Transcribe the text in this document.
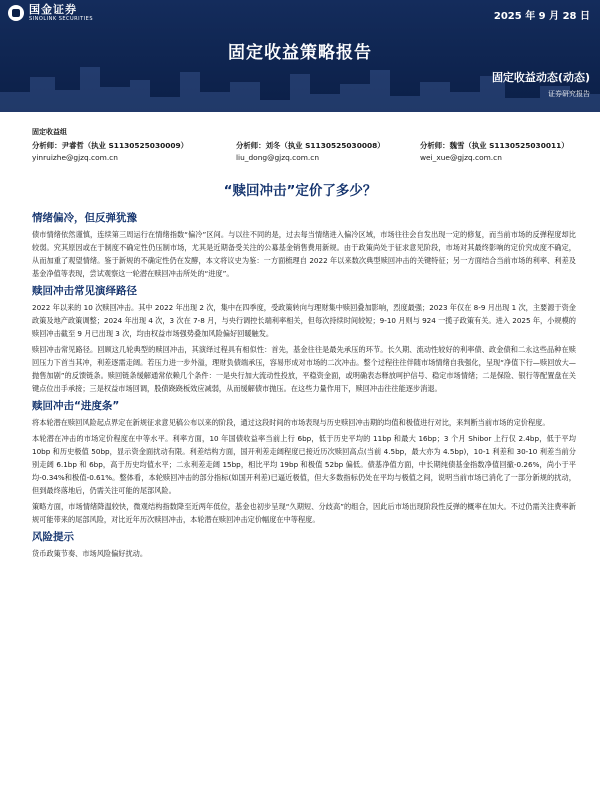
国金证券
SINOLINK SECURITIES	2025 年 9 月 28 日
固定收益策略报告
固定收益动态(动态)
证券研究报告
固定收益组
分析师：尹睿哲（执业 S1130525030009）
yinruizhe@gjzq.com.cn
分析师：刘冬（执业 S1130525030008）
liu_dong@gjzq.com.cn
分析师：魏雪（执业 S1130525030011）
wei_xue@gjzq.com.cn
“赎回冲击”定价了多少？
情绪偏冷，但反弹犹豫

债市情绪依然谨慎，连续第三周运行在情绪指数“偏冷”区间。与以往不同的是，过去每当情绪进入偏冷区域，市场往往会自发出现一定的修复，而当前市场的反弹程度却比较弱。究其原因或在于制度不确定性仍压制市场，尤其是近期备受关注的公募基金销售费用新规。由于政策尚处于征求意见阶段，市场对其最终影响的定价究成度不确定，从而加重了观望情绪。鉴于新规的不确定性仍在发酵，本文将议史为鉴：一方面梳理自 2022 年以来数次典型赎回冲击的关键特征；另一方面结合当前市场的利率、利差及基金净值等表现，尝试观察这一轮潜在赎回冲击所处的“进度”。

赎回冲击常见演绎路径

2022 年以来的 10 次赎回冲击。其中 2022 年出现 2 次，集中在四季度，受政策转向与理财集中赎回叠加影响，烈度最强；2023 年仅在 8-9 月出现 1 次，主要源于资金政策及地产政策调整；2024 年出现 4 次，3 次在 7-8 月，与央行调控长端利率相关，但每次持续时间较短；9-10 月则与 924 一揽子政策有关。进入 2025 年，小规模的赎回冲击截至 9 月已出现 3 次，均由权益市场强势叠加风险偏好回暖触发。

赎回冲击常见路径。回顾这几轮典型的赎回冲击，其演绎过程具有相似性：首先，基金往往是最先承压的环节。长久期、流动性较好的利率债、政金债和二永这些品种在赎回压力下首当其冲，利差逐需走阔。若压力进一步外溢，理财负债端承压，容易形成对市场的二次冲击。整个过程往往伴随市场情绪自我强化，呈现“净值下行—赎回放大—抛售加剧”的反馈链条。赎回链条缓解通常依赖几个条件：一是央行加大流动性投放，平稳资金面，或明确表态释放呵护信号、稳定市场情绪；二是保险、银行等配置盘在关键点位出手承接；三是权益市场回调，股债跷跷板效应减弱，从而缓解债市抛压。在这些力量作用下，赎回冲击往往能逐步消退。

赎回冲击“进度条”

将本轮潜在赎回风险起点界定在新规征求意见稿公布以来的阶段，通过这段时间的市场表现与历史赎回冲击期的均值和极值进行对比，来判断当前市场的定价程度。

本轮潜在冲击的市场定价程度在中等水平。利率方面，10 年国债收益率当前上行 6bp，低于历史平均的 11bp 和最大 16bp；3 个月 Shibor 上行仅 2.4bp，低于平均 10bp 和历史极值 50bp，显示资金面扰动有限。利差结构方面，国开利差走阔程度已接近历次赎回高点(当前 4.5bp，最大亦为 4.5bp)，10-1 利差和 30-10 利差当前分别走阔 6.1bp 和 6bp，高于历史均值水平；二永利差走阔 15bp，相比平均 19bp 和极值 52bp 偏低。债基净值方面，中长期纯债基金指数净值回撤-0.26%，尚小于平均-0.34%和极值-0.61%。整体看，本轮赎回冲击的部分指标(如国开利差)已逼近极值，但大多数指标仍处在平均与极值之间，说明当前市场已消化了一部分新规的扰动，但到最终落地后，仍需关注可能的尾部风险。

策略方面，市场情绪降温较快，微观结构指数降至近两年低位，基金也初步呈现“久期短、分歧高”的组合，因此后市场出现阶段性反弹的概率在加大。不过仍需关注费率新规可能带来的尾部风险，对比近年历次赎回冲击，本轮潜在赎回冲击定价幅度在中等程度。

风险提示

货币政策节奏、市场风险偏好扰动。
